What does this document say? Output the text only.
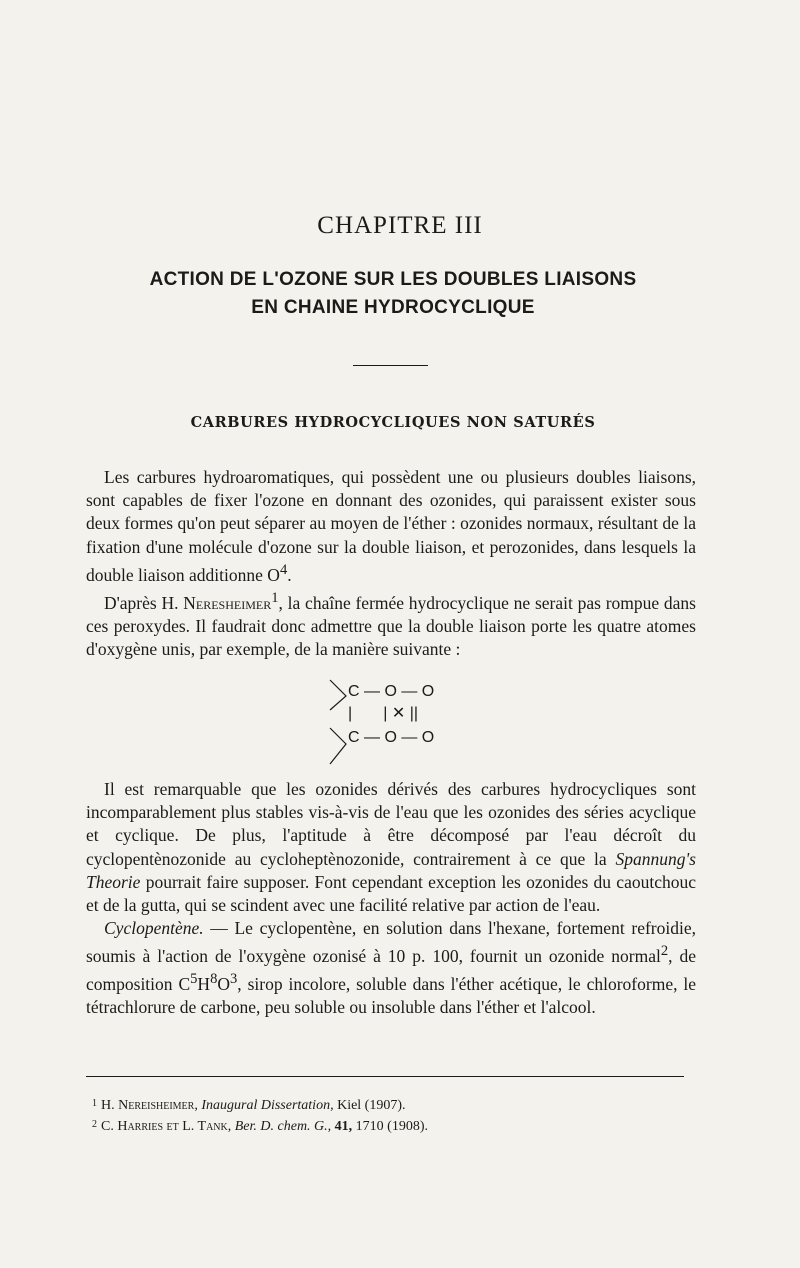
CHAPITRE III
ACTION DE L'OZONE SUR LES DOUBLES LIAISONS
EN CHAINE HYDROCYCLIQUE
CARBURES HYDROCYCLIQUES NON SATURÉS

Les carbures hydroaromatiques, qui possèdent une ou plusieurs doubles liaisons, sont capables de fixer l'ozone en donnant des ozonides, qui paraissent exister sous deux formes qu'on peut séparer au moyen de l'éther : ozonides normaux, résultant de la fixation d'une molécule d'ozone sur la double liaison, et perozonides, dans lesquels la double liaison additionne $O^4$.

D'après H. Neresheimer$^1$, la chaîne fermée hydrocyclique ne serait pas rompue dans ces peroxydes. Il faudrait donc admettre que la double liaison porte les quatre atomes d'oxygène unis, par exemple, de la manière suivante :

C — O — O
|       | ✕ ||
C — O — O

Il est remarquable que les ozonides dérivés des carbures hydrocycliques sont incomparablement plus stables vis-à-vis de l'eau que les ozonides des séries acyclique et cyclique. De plus, l'aptitude à être décomposé par l'eau décroît du cyclopentènozonide au cycloheptènozonide, contrairement à ce que la Spannung's Theorie pourrait faire supposer. Font cependant exception les ozonides du caoutchouc et de la gutta, qui se scindent avec une facilité relative par action de l'eau.

Cyclopentène. — Le cyclopentène, en solution dans l'hexane, fortement refroidie, soumis à l'action de l'oxygène ozonisé à 10 p. 100, fournit un ozonide normal$^2$, de composition $C^5H^8O^3$, sirop incolore, soluble dans l'éther acétique, le chloroforme, le tétrachlorure de carbone, peu soluble ou insoluble dans l'éther et l'alcool.

$^1$ H. Nereisheimer, Inaugural Dissertation, Kiel (1907).

$^2$ C. Harries et L. Tank, Ber. D. chem. G., 41, 1710 (1908).
